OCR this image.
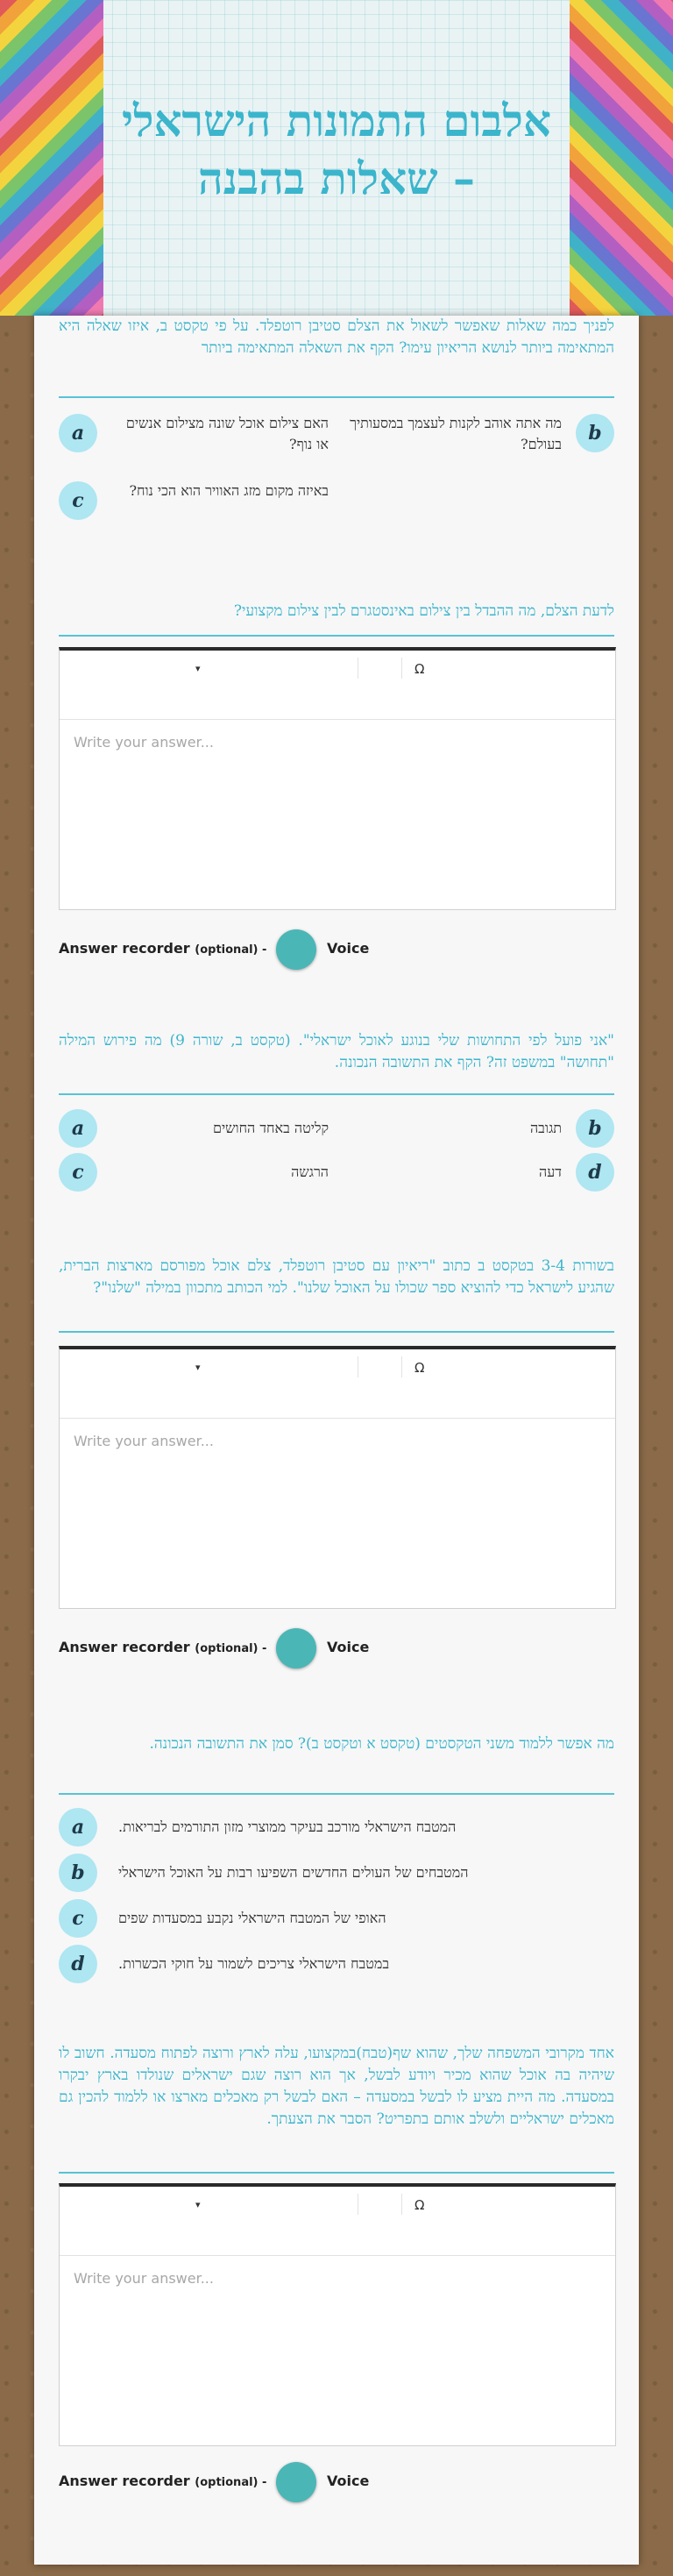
אלבום התמונות הישראלי – שאלות בהבנה
לפניך כמה שאלות שאפשר לשאול את הצלם סטיבן רוטפלד. על פי טקסט ב, איזו שאלה היא המתאימה ביותר לנושא הריאיון עימו? הקף את השאלה המתאימה ביותר
b
מה אתה אוהב לקנות לעצמך במסעותיך בעולם?
a	האם צילום אוכל שונה מצילום אנשים או נוף?
c	באיזה מקום מזג האוויר הוא הכי נוח?
לדעת הצלם, מה ההבדל בין צילום באינסטגרם לבין צילום מקצועי?
▾	Ω
Write your answer...
Answer recorder (optional) -	Voice
"אני פועל לפי התחושות שלי בנוגע לאוכל ישראלי". (טקסט ב, שורה 9) מה פירוש המילה "תחושה" במשפט זה? הקף את התשובה הנכונה.
b
תגובה
a	קליטה באחד החושים
d
דעה
c	הרגשה
בשורות 3-4 בטקסט ב כתוב "ריאיון עם סטיבן רוטפלד, צלם אוכל מפורסם מארצות הברית, שהגיע לישראל כדי להוציא ספר שכולו על האוכל שלנו". למי הכותב מתכוון במילה "שלנו"?
▾	Ω
Write your answer...
Answer recorder (optional) -	Voice
מה אפשר ללמוד משני הטקסטים (טקסט א וטקסט ב)? סמן את התשובה הנכונה.
a	המטבח הישראלי מורכב בעיקר ממוצרי מזון התורמים לבריאות.
b	המטבחים של העולים החדשים השפיעו רבות על האוכל הישראלי
c	האופי של המטבח הישראלי נקבע במסעדות שפים
d	במטבח הישראלי צריכים לשמור על חוקי הכשרות.
אחד מקרובי המשפחה שלך, שהוא שף(טבח)במקצועו, עלה לארץ ורוצה לפתוח מסעדה. חשוב לו שיהיה בה אוכל שהוא מכיר ויודע לבשל, אך הוא רוצה שגם ישראלים שנולדו בארץ יבקרו במסעדה. מה היית מציע לו לבשל במסעדה – האם לבשל רק מאכלים מארצו או ללמוד להכין גם מאכלים ישראליים ולשלב אותם בתפריט? הסבר את הצעתך.
▾	Ω
Write your answer...
Answer recorder (optional) -	Voice
